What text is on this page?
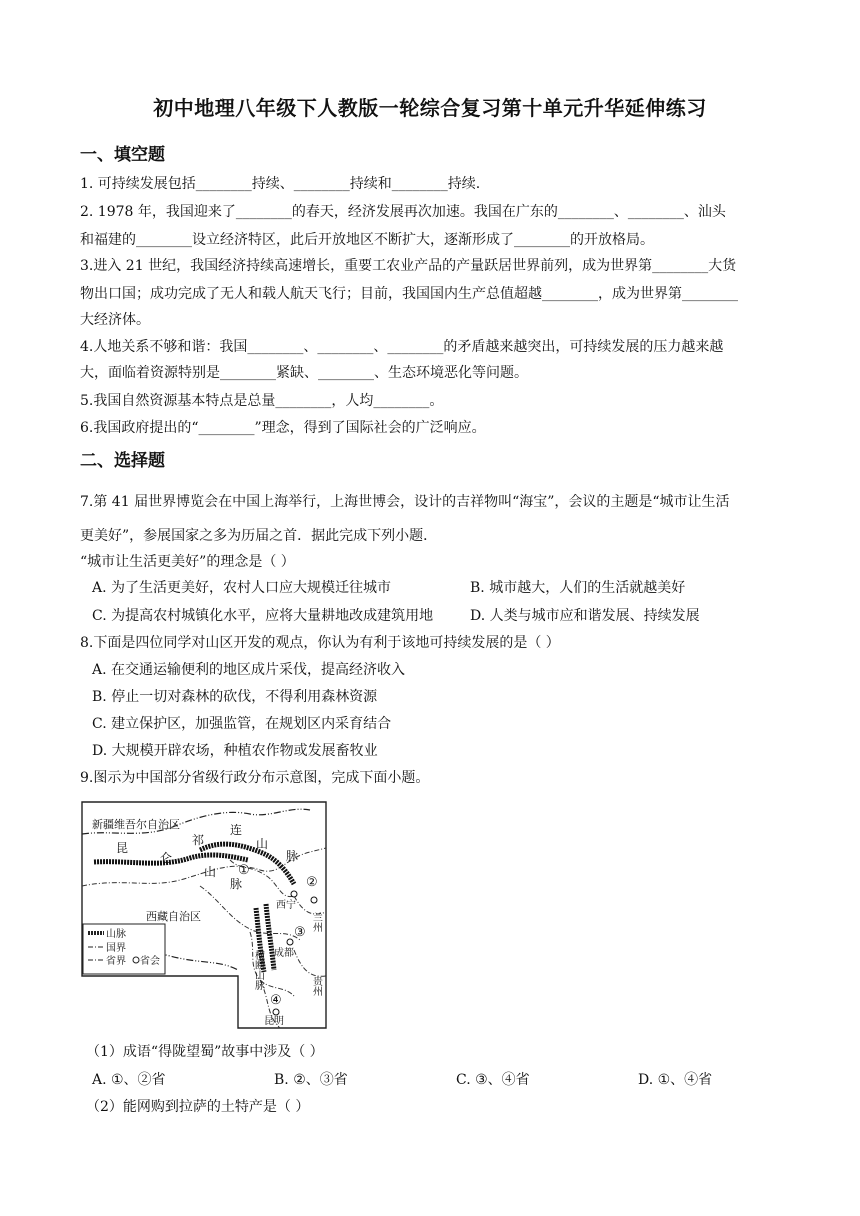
初中地理八年级下人教版一轮综合复习第十单元升华延伸练习
一、填空题
1. 可持续发展包括________持续、________持续和________持续.
2. 1978 年，我国迎来了________的春天，经济发展再次加速。我国在广东的________、________、汕头
和福建的________设立经济特区，此后开放地区不断扩大，逐渐形成了________的开放格局。
3.进入 21 世纪，我国经济持续高速增长，重要工农业产品的产量跃居世界前列，成为世界第________大货
物出口国；成功完成了无人和载人航天飞行；目前，我国国内生产总值超越________，成为世界第________
大经济体。
4.人地关系不够和谐：我国________、________、________的矛盾越来越突出，可持续发展的压力越来越
大，面临着资源特别是________紧缺、________、生态环境恶化等问题。
5.我国自然资源基本特点是总量________，人均________。
6.我国政府提出的“________”理念，得到了国际社会的广泛响应。
二、选择题
7.第 41 届世界博览会在中国上海举行，上海世博会，设计的吉祥物叫“海宝”，会议的主题是“城市让生活
更美好”，参展国家之多为历届之首．据此完成下列小题．
“城市让生活更美好”的理念是（ ）
A. 为了生活更美好，农村人口应大规模迁往城市	B. 城市越大，人们的生活就越美好
C. 为提高农村城镇化水平，应将大量耕地改成建筑用地	D. 人类与城市应和谐发展、持续发展
8.下面是四位同学对山区开发的观点，你认为有利于该地可持续发展的是（ ）
A. 在交通运输便利的地区成片采伐，提高经济收入
B. 停止一切对森林的砍伐，不得利用森林资源
C. 建立保护区，加强监管，在规划区内采育结合
D. 大规模开辟农场，种植农作物或发展畜牧业
9.图示为中国部分省级行政分布示意图，完成下面小题。
山脉
国界
省界 省会
新疆维吾尔自治区
西藏自治区
昆
仑
山
脉
祁
连
山
脉
横断山脉
①
②
③
④
西宁
兰州
成都
昆明
贵州
（1）成语“得陇望蜀”故事中涉及（ ）
A. ①、②省	B. ②、③省	C. ③、④省	D. ①、④省
（2）能网购到拉萨的土特产是（ ）
